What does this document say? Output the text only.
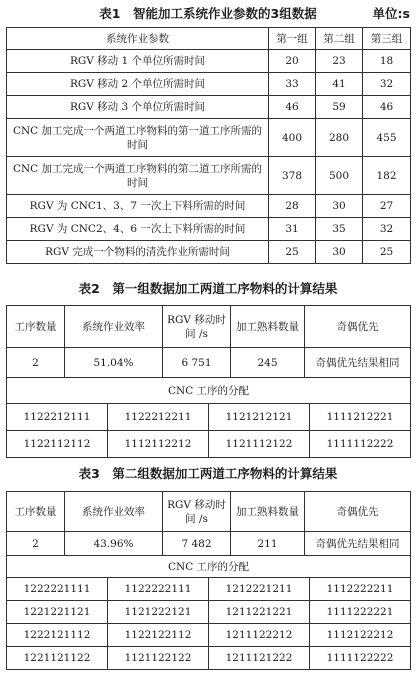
表1　智能加工系统作业参数的3组数据	单位:s
系统作业参数	第一组	第二组	第三组
RGV 移动 1 个单位所需时间	20	23	18
RGV 移动 2 个单位所需时间	33	41	32
RGV 移动 3 个单位所需时间	46	59	46
CNC 加工完成一个两道工序物料的第一道工序所需的时间	400	280	455
CNC 加工完成一个两道工序物料的第二道工序所需的时间	378	500	182
RGV 为 CNC1、3、7 一次上下料所需的时间	28	30	27
RGV 为 CNC2、4、6 一次上下料所需的时间	31	35	32
RGV 完成一个物料的清洗作业所需时间	25	30	25
表2　第一组数据加工两道工序物料的计算结果
工序数量	系统作业效率	RGV 移动时间 /s	加工熟料数量	奇偶优先
2	51.04%	6 751	245	奇偶优先结果相同
CNC 工序的分配			
1122212111	1122212211	1121212121	1111212221
1122112112	1112112212	1121112122	1111112222
表3　第二组数据加工两道工序物料的计算结果
工序数量	系统作业效率	RGV 移动时间 /s	加工熟料数量	奇偶优先
2	43.96%	7 482	211	奇偶优先结果相同
CNC 工序的分配			
1222221111	1122222111	1212221211	1112222211
1221221121	1121222121	1211221221	1111222221
1222121112	1122122112	1211122212	1112122212
1221121122	1121122122	1211121222	1111122222
